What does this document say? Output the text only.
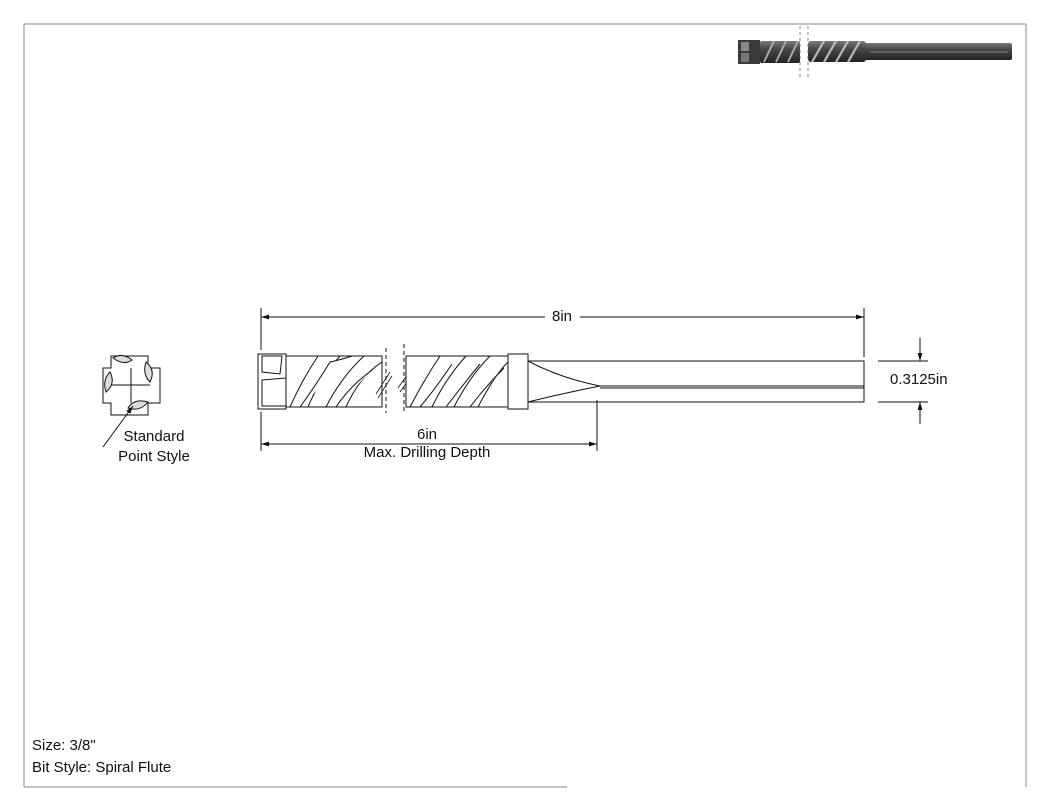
8in
0.3125in
6in
Max. Drilling Depth
Standard
Point Style
Size: 3/8"
Bit Style: Spiral Flute
